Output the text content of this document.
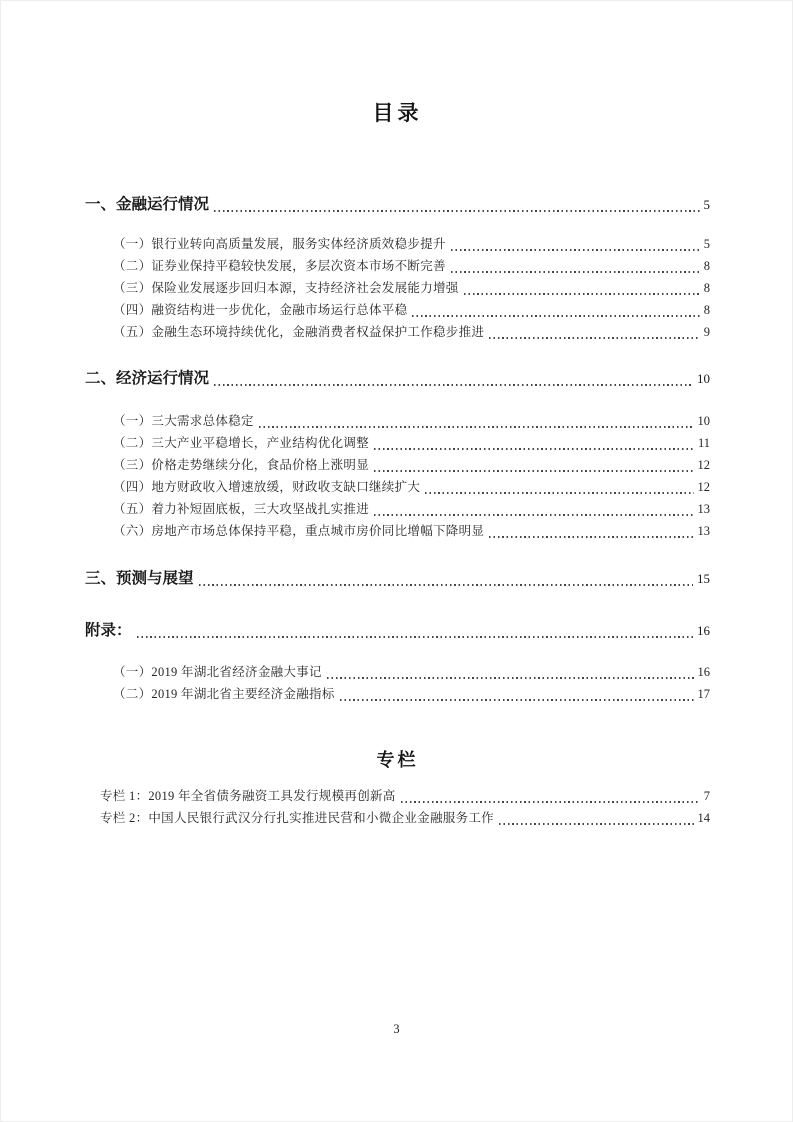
目录
一、金融运行情况	5
（一）银行业转向高质量发展，服务实体经济质效稳步提升	5
（二）证券业保持平稳较快发展，多层次资本市场不断完善	8
（三）保险业发展逐步回归本源，支持经济社会发展能力增强	8
（四）融资结构进一步优化，金融市场运行总体平稳	8
（五）金融生态环境持续优化，金融消费者权益保护工作稳步推进	9
二、经济运行情况	10
（一）三大需求总体稳定	10
（二）三大产业平稳增长，产业结构优化调整	11
（三）价格走势继续分化，食品价格上涨明显	12
（四）地方财政收入增速放缓，财政收支缺口继续扩大	12
（五）着力补短固底板，三大攻坚战扎实推进	13
（六）房地产市场总体保持平稳，重点城市房价同比增幅下降明显	13
三、预测与展望	15
附录：	16
（一）2019 年湖北省经济金融大事记	16
（二）2019 年湖北省主要经济金融指标	17
专栏
专栏 1：2019 年全省债务融资工具发行规模再创新高	7
专栏 2：中国人民银行武汉分行扎实推进民营和小微企业金融服务工作	14
3
